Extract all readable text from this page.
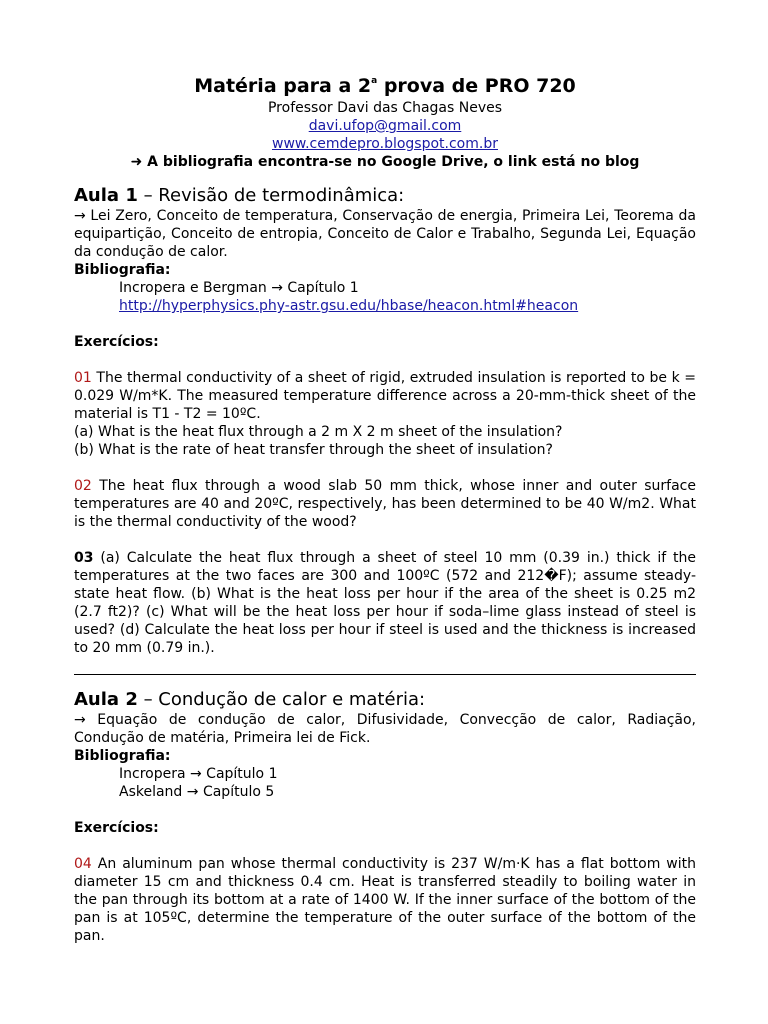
Matéria para a 2$^a$ prova de PRO 720
Professor Davi das Chagas Neves
davi.ufop@gmail.com
www.cemdepro.blogspot.com.br
➜ A bibliografia encontra-se no Google Drive, o link está no blog
Aula 1 – Revisão de termodinâmica:
→ Lei Zero, Conceito de temperatura, Conservação de energia, Primeira Lei, Teorema da equipartição, Conceito de entropia, Conceito de Calor e Trabalho, Segunda Lei, Equação da condução de calor.
Bibliografia:
Incropera e Bergman → Capítulo 1
http://hyperphysics.phy-astr.gsu.edu/hbase/heacon.html#heacon
Exercícios:
01 The thermal conductivity of a sheet of rigid, extruded insulation is reported to be k = 0.029 W/m*K. The measured temperature difference across a 20-mm-thick sheet of the material is T1 - T2 = 10ºC.
(a) What is the heat flux through a 2 m X 2 m sheet of the insulation?
(b) What is the rate of heat transfer through the sheet of insulation?
02 The heat flux through a wood slab 50 mm thick, whose inner and outer surface temperatures are 40 and 20ºC, respectively, has been determined to be 40 W/m2. What is the thermal conductivity of the wood?
03 (a) Calculate the heat flux through a sheet of steel 10 mm (0.39 in.) thick if the temperatures at the two faces are 300 and 100ºC (572 and 212�F); assume steady-state heat flow. (b) What is the heat loss per hour if the area of the sheet is 0.25 m2 (2.7 ft2)? (c) What will be the heat loss per hour if soda–lime glass instead of steel is used? (d) Calculate the heat loss per hour if steel is used and the thickness is increased to 20 mm (0.79 in.).
Aula 2 – Condução de calor e matéria:
→ Equação de condução de calor, Difusividade, Convecção de calor, Radiação, Condução de matéria, Primeira lei de Fick.
Bibliografia:
Incropera → Capítulo 1
Askeland → Capítulo 5
Exercícios:
04 An aluminum pan whose thermal conductivity is 237 W/m·K has a flat bottom with diameter 15 cm and thickness 0.4 cm. Heat is transferred steadily to boiling water in the pan through its bottom at a rate of 1400 W. If the inner surface of the bottom of the pan is at 105ºC, determine the temperature of the outer surface of the bottom of the pan.
